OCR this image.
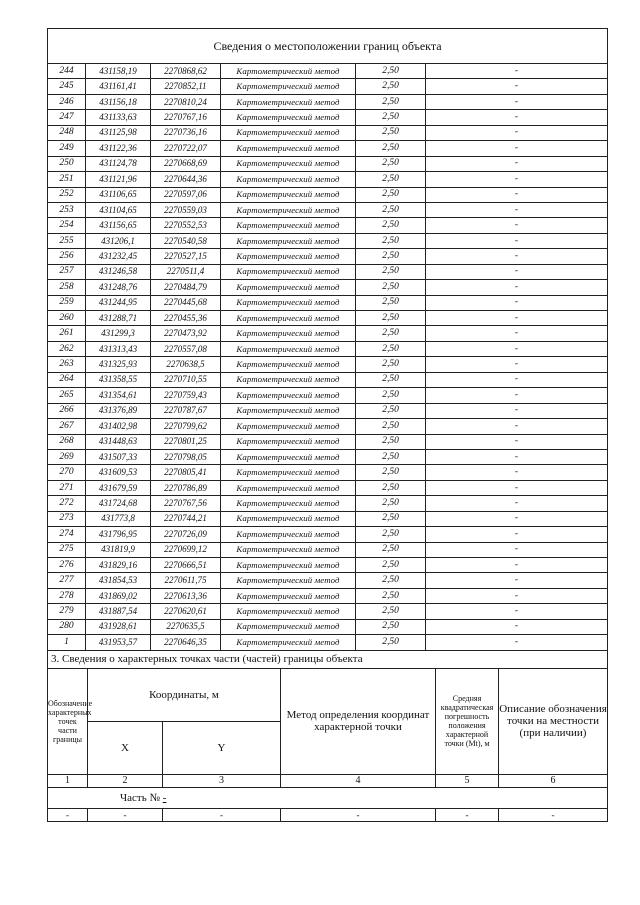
Сведения о местоположении границ объекта					
244	431158,19	2270868,62	Картометрический метод	2,50	-
245	431161,41	2270852,11	Картометрический метод	2,50	-
246	431156,18	2270810,24	Картометрический метод	2,50	-
247	431133,63	2270767,16	Картометрический метод	2,50	-
248	431125,98	2270736,16	Картометрический метод	2,50	-
249	431122,36	2270722,07	Картометрический метод	2,50	-
250	431124,78	2270668,69	Картометрический метод	2,50	-
251	431121,96	2270644,36	Картометрический метод	2,50	-
252	431106,65	2270597,06	Картометрический метод	2,50	-
253	431104,65	2270559,03	Картометрический метод	2,50	-
254	431156,65	2270552,53	Картометрический метод	2,50	-
255	431206,1	2270540,58	Картометрический метод	2,50	-
256	431232,45	2270527,15	Картометрический метод	2,50	-
257	431246,58	2270511,4	Картометрический метод	2,50	-
258	431248,76	2270484,79	Картометрический метод	2,50	-
259	431244,95	2270445,68	Картометрический метод	2,50	-
260	431288,71	2270455,36	Картометрический метод	2,50	-
261	431299,3	2270473,92	Картометрический метод	2,50	-
262	431313,43	2270557,08	Картометрический метод	2,50	-
263	431325,93	2270638,5	Картометрический метод	2,50	-
264	431358,55	2270710,55	Картометрический метод	2,50	-
265	431354,61	2270759,43	Картометрический метод	2,50	-
266	431376,89	2270787,67	Картометрический метод	2,50	-
267	431402,98	2270799,62	Картометрический метод	2,50	-
268	431448,63	2270801,25	Картометрический метод	2,50	-
269	431507,33	2270798,05	Картометрический метод	2,50	-
270	431609,53	2270805,41	Картометрический метод	2,50	-
271	431679,59	2270786,89	Картометрический метод	2,50	-
272	431724,68	2270767,56	Картометрический метод	2,50	-
273	431773,8	2270744,21	Картометрический метод	2,50	-
274	431796,95	2270726,09	Картометрический метод	2,50	-
275	431819,9	2270699,12	Картометрический метод	2,50	-
276	431829,16	2270666,51	Картометрический метод	2,50	-
277	431854,53	2270611,75	Картометрический метод	2,50	-
278	431869,02	2270613,36	Картометрический метод	2,50	-
279	431887,54	2270620,61	Картометрический метод	2,50	-
280	431928,61	2270635,5	Картометрический метод	2,50	-
1	431953,57	2270646,35	Картометрический метод	2,50	-
3. Сведения о характерных точках части (частей) границы объекта					
Обозначение характерных точек части границы	Координаты, м		Метод определения координат характерной точки	Средняя квадратическая погрешность положения характерной точки (Mt), м	Описание обозначения точки на местности (при наличии)
	X	Y			
1	2	3	4	5	6
Часть № -					
-	-	-	-	-	-
